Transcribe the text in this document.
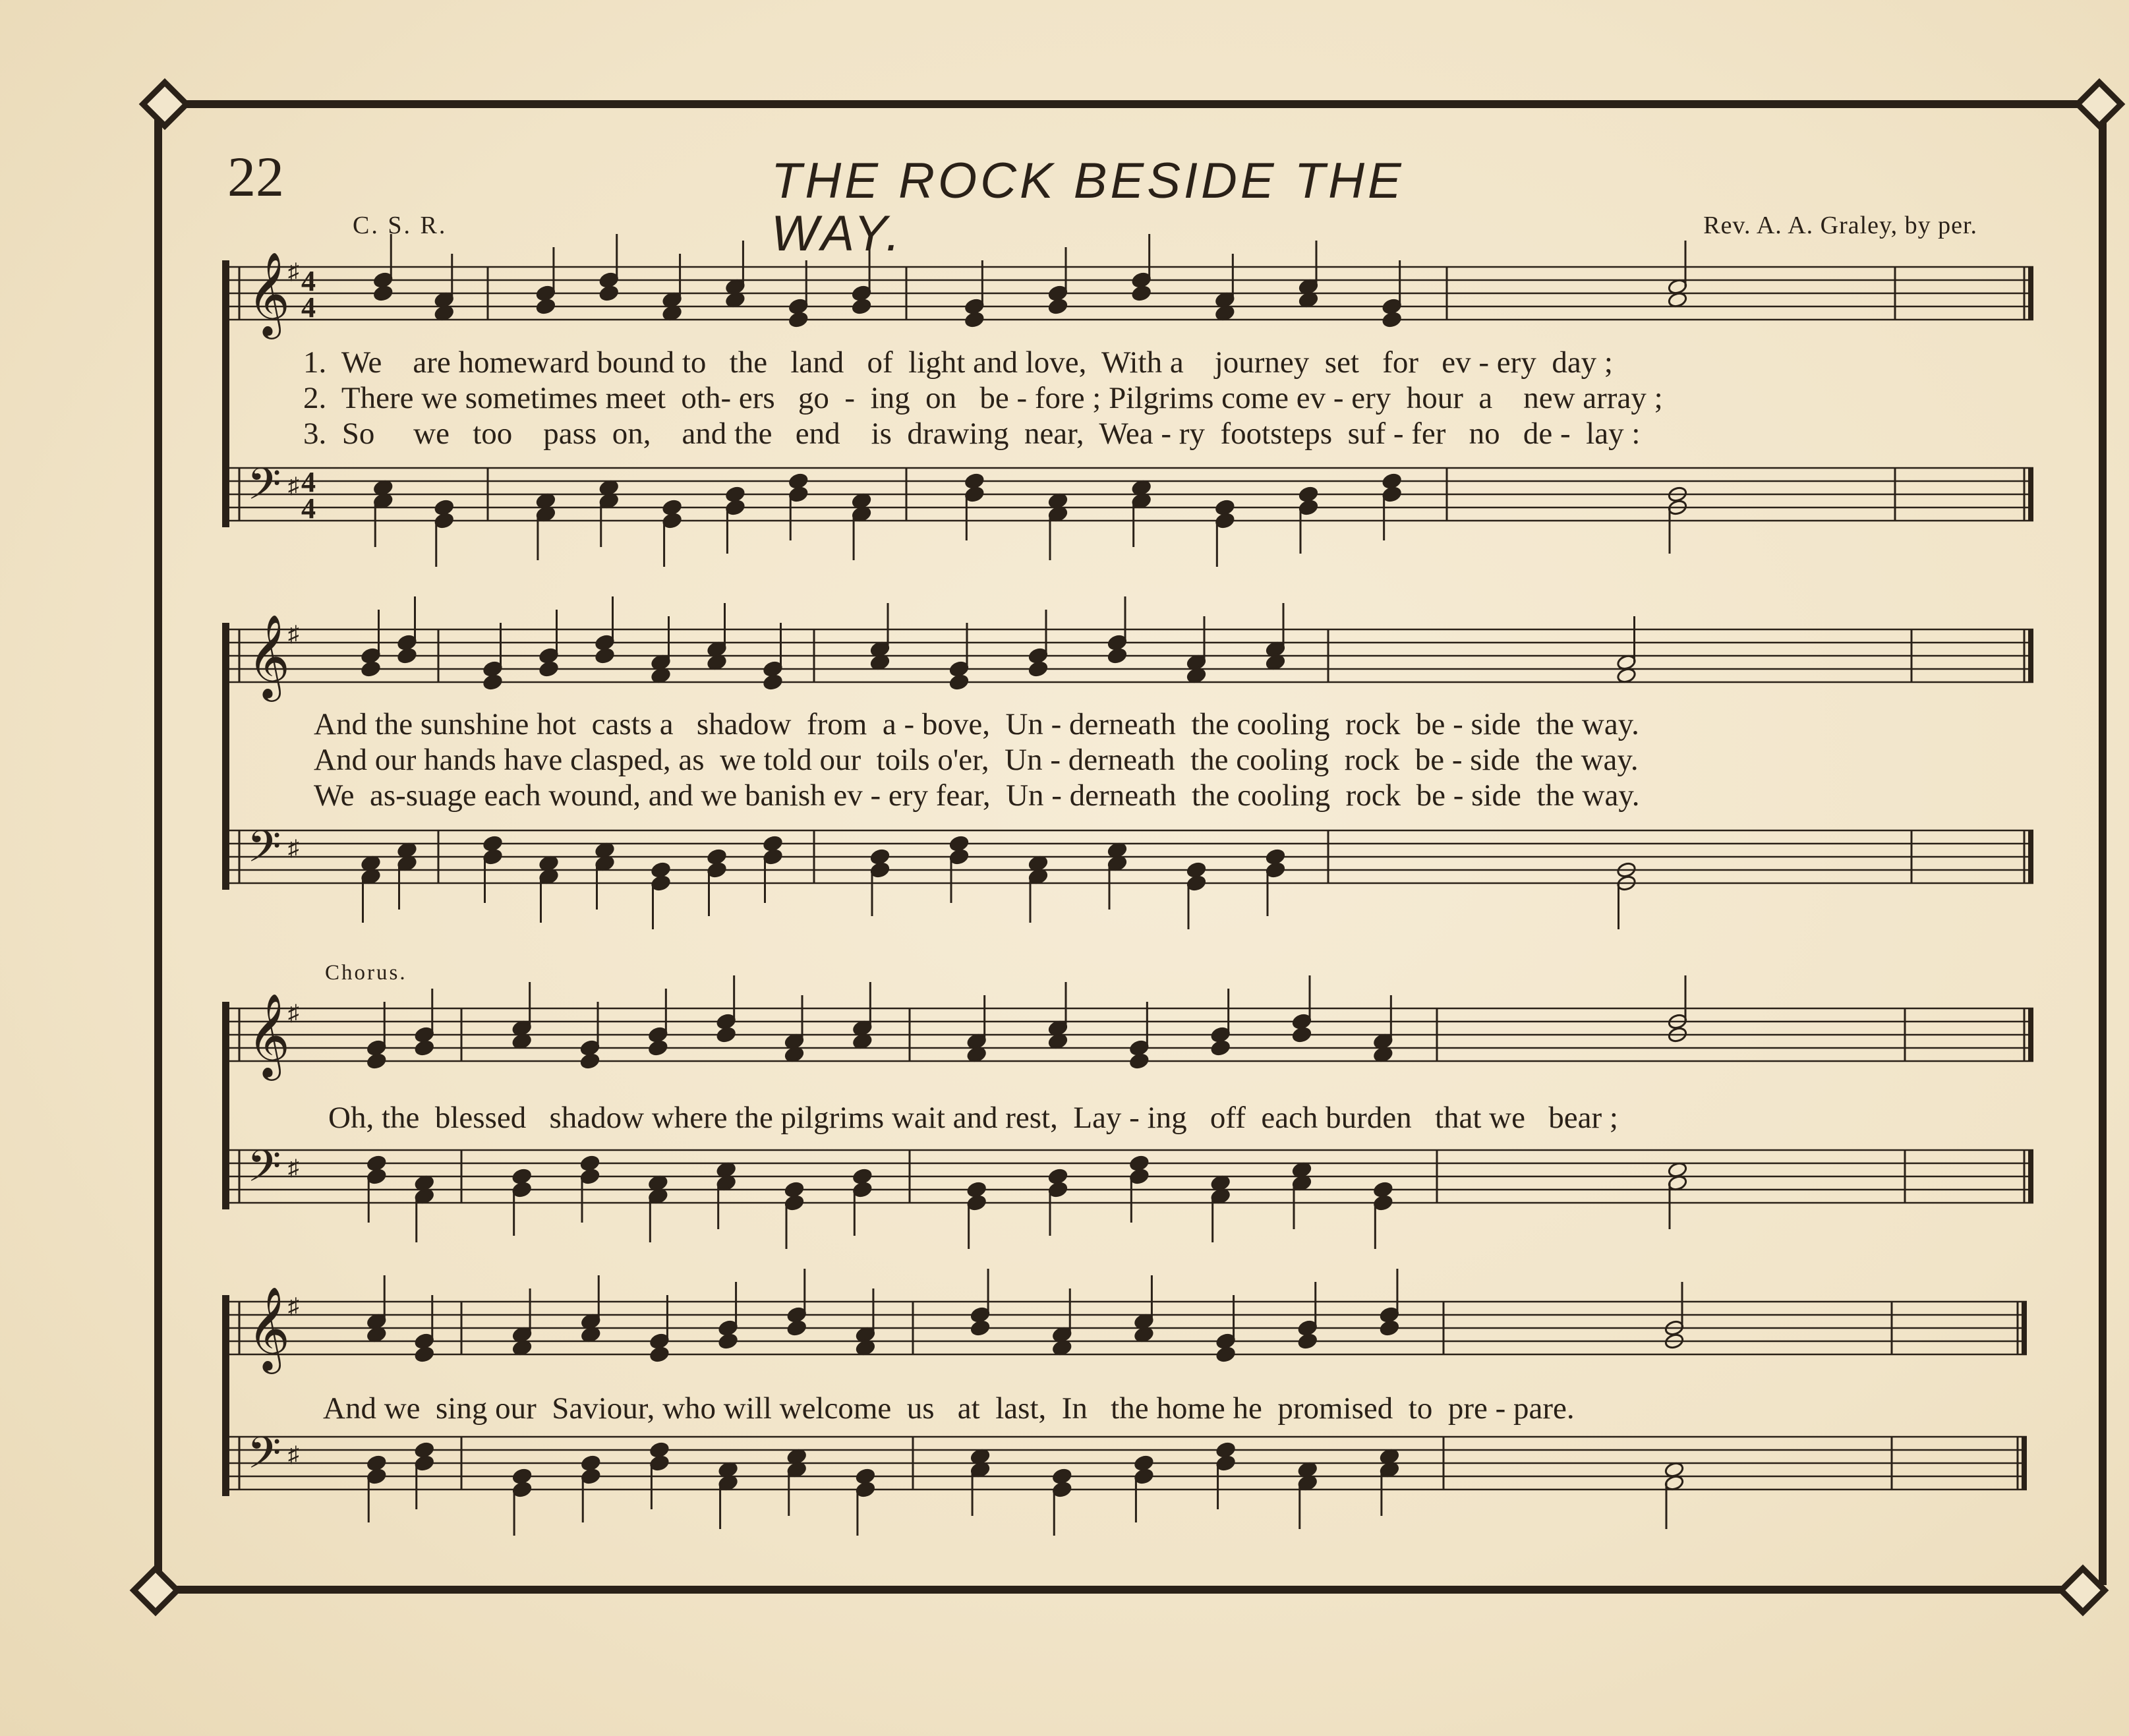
𝄞
♯ 4
4
𝄢 ♯ 4
4
𝄞
♯
𝄢 ♯
𝄞
♯
𝄢 ♯
𝄞
♯
𝄢 ♯
22	THE ROCK BESIDE THE WAY.
C. S. R.	Rev. A. A. Graley, by per.
1.  We    are homeward bound to   the   land   of  light and love,  With a    journey  set   for   ev - ery  day ;
2.  There we sometimes meet  oth- ers   go  -  ing  on   be - fore ; Pilgrims come ev - ery  hour  a    new array ;
3.  So     we   too    pass  on,    and the   end    is  drawing  near,  Wea - ry  footsteps  suf - fer   no   de -  lay :
And the sunshine hot  casts a   shadow  from  a - bove,  Un - derneath  the cooling  rock  be - side  the way.
And our hands have clasped, as  we told our  toils o'er,  Un - derneath  the cooling  rock  be - side  the way.
We  as-suage each wound, and we banish ev - ery fear,  Un - derneath  the cooling  rock  be - side  the way.
Chorus.
Oh, the  blessed   shadow where the pilgrims wait and rest,  Lay - ing   off  each burden   that we   bear ;
And we  sing our  Saviour, who will welcome  us   at  last,  In   the home he  promised  to  pre - pare.
